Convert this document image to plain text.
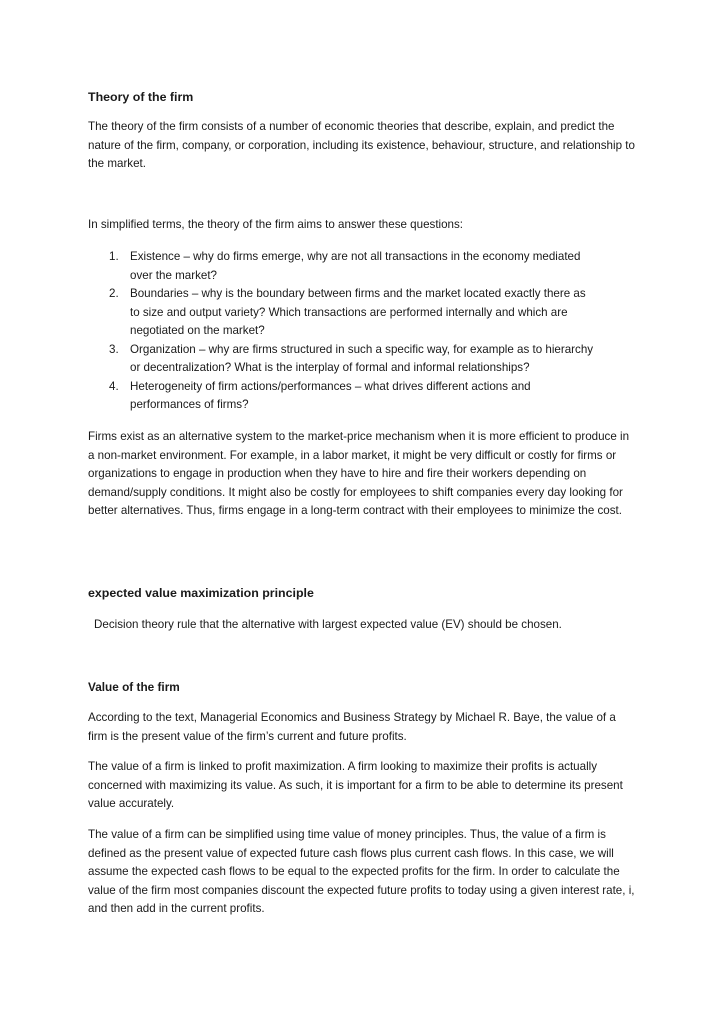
Theory of the firm

The theory of the firm consists of a number of economic theories that describe, explain, and predict the nature of the firm, company, or corporation, including its existence, behaviour, structure, and relationship to the market.

In simplified terms, the theory of the firm aims to answer these questions:

1. Existence – why do firms emerge, why are not all transactions in the economy mediated over the market?
2. Boundaries – why is the boundary between firms and the market located exactly there as to size and output variety? Which transactions are performed internally and which are negotiated on the market?
3. Organization – why are firms structured in such a specific way, for example as to hierarchy or decentralization? What is the interplay of formal and informal relationships?
4. Heterogeneity of firm actions/performances – what drives different actions and performances of firms?

Firms exist as an alternative system to the market-price mechanism when it is more efficient to produce in a non-market environment. For example, in a labor market, it might be very difficult or costly for firms or organizations to engage in production when they have to hire and fire their workers depending on demand/supply conditions. It might also be costly for employees to shift companies every day looking for better alternatives. Thus, firms engage in a long-term contract with their employees to minimize the cost.

expected value maximization principle

Decision theory rule that the alternative with largest expected value (EV) should be chosen.

Value of the firm

According to the text, Managerial Economics and Business Strategy by Michael R. Baye, the value of a firm is the present value of the firm’s current and future profits.

The value of a firm is linked to profit maximization. A firm looking to maximize their profits is actually concerned with maximizing its value. As such, it is important for a firm to be able to determine its present value accurately.

The value of a firm can be simplified using time value of money principles. Thus, the value of a firm is defined as the present value of expected future cash flows plus current cash flows. In this case, we will assume the expected cash flows to be equal to the expected profits for the firm. In order to calculate the value of the firm most companies discount the expected future profits to today using a given interest rate, i, and then add in the current profits.
